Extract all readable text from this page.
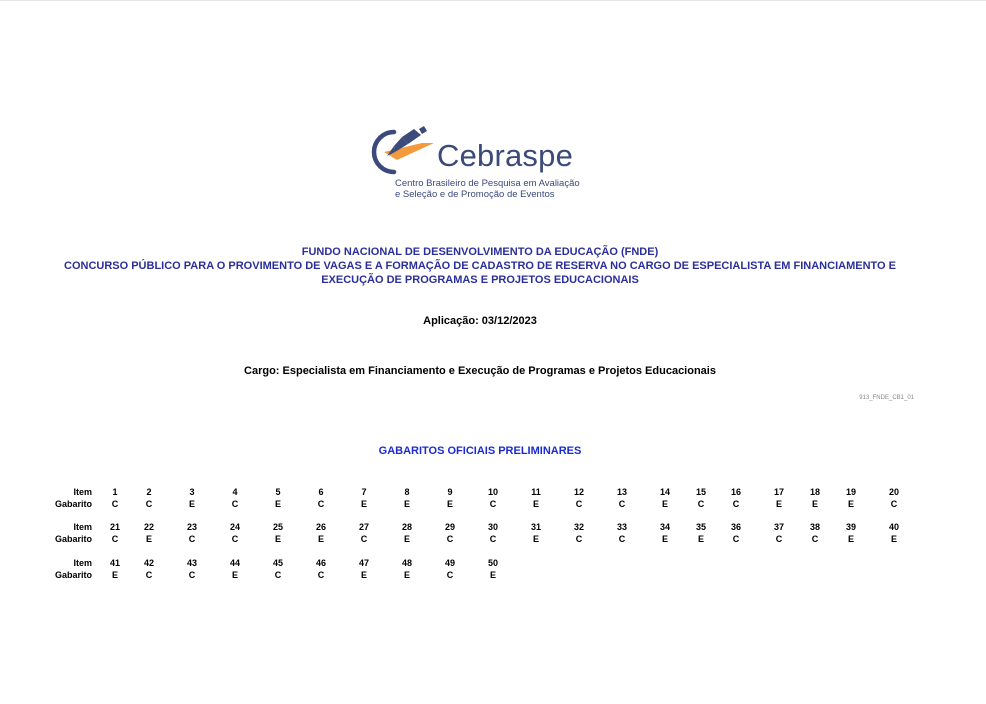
Cebraspe
Centro Brasileiro de Pesquisa em Avaliação
e Seleção e de Promoção de Eventos
FUNDO NACIONAL DE DESENVOLVIMENTO DA EDUCAÇÃO (FNDE)
CONCURSO PÚBLICO PARA O PROVIMENTO DE VAGAS E A FORMAÇÃO DE CADASTRO DE RESERVA NO CARGO DE ESPECIALISTA EM FINANCIAMENTO E EXECUÇÃO DE PROGRAMAS E PROJETOS EDUCACIONAIS
Aplicação: 03/12/2023
Cargo: Especialista em Financiamento e Execução de Programas e Projetos Educacionais
913_FNDE_CB1_01
GABARITOS OFICIAIS PRELIMINARES
Item
Gabarito
1
C
2
C
3
E
4
C
5
E
6
C
7
E
8
E
9
E
10
C
11
E
12
C
13
C
14
E
15
C
16
C
17
E
18
E
19
E
20
C
Item
Gabarito
21
C
22
E
23
C
24
C
25
E
26
E
27
C
28
E
29
C
30
C
31
E
32
C
33
C
34
E
35
E
36
C
37
C
38
C
39
E
40
E
Item
Gabarito
41
E
42
C
43
C
44
E
45
C
46
C
47
E
48
E
49
C
50
E
